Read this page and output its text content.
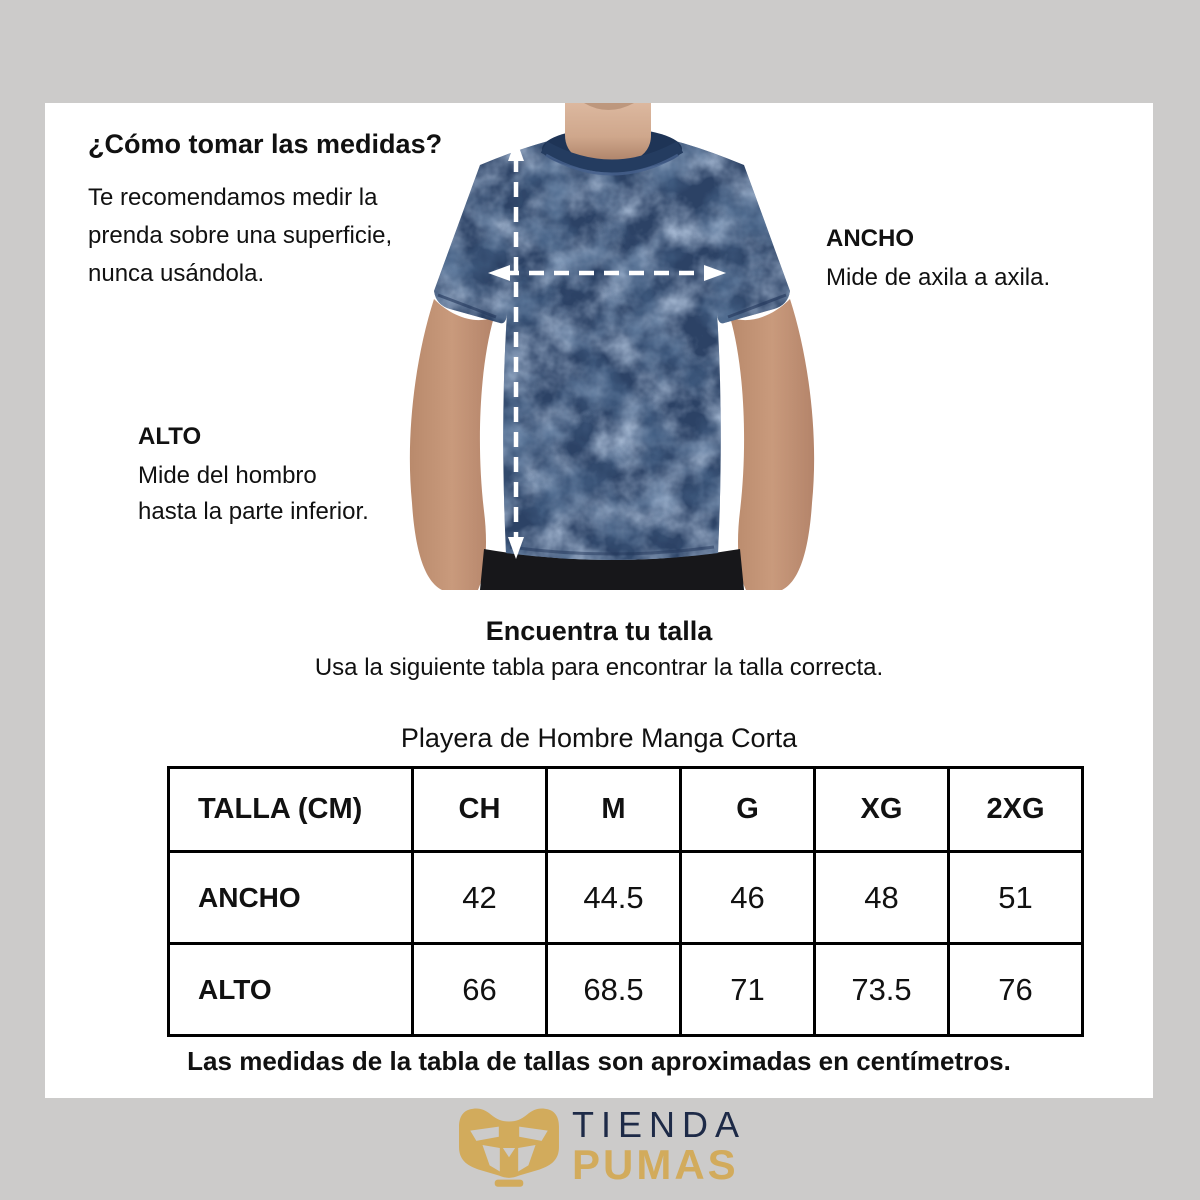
¿Cómo tomar las medidas?
Te recomendamos medir la
prenda sobre una superficie,
nunca usándola.
ANCHO
Mide de axila a axila.
ALTO
Mide del hombro
hasta la parte inferior.
Encuentra tu talla
Usa la siguiente tabla para encontrar la talla correcta.
Playera de Hombre Manga Corta
TALLA (CM)	CH	M	G	XG	2XG
ANCHO	42	44.5	46	48	51
ALTO	66	68.5	71	73.5	76
Las medidas de la tabla de tallas son aproximadas en centímetros.
TIENDA
PUMAS
